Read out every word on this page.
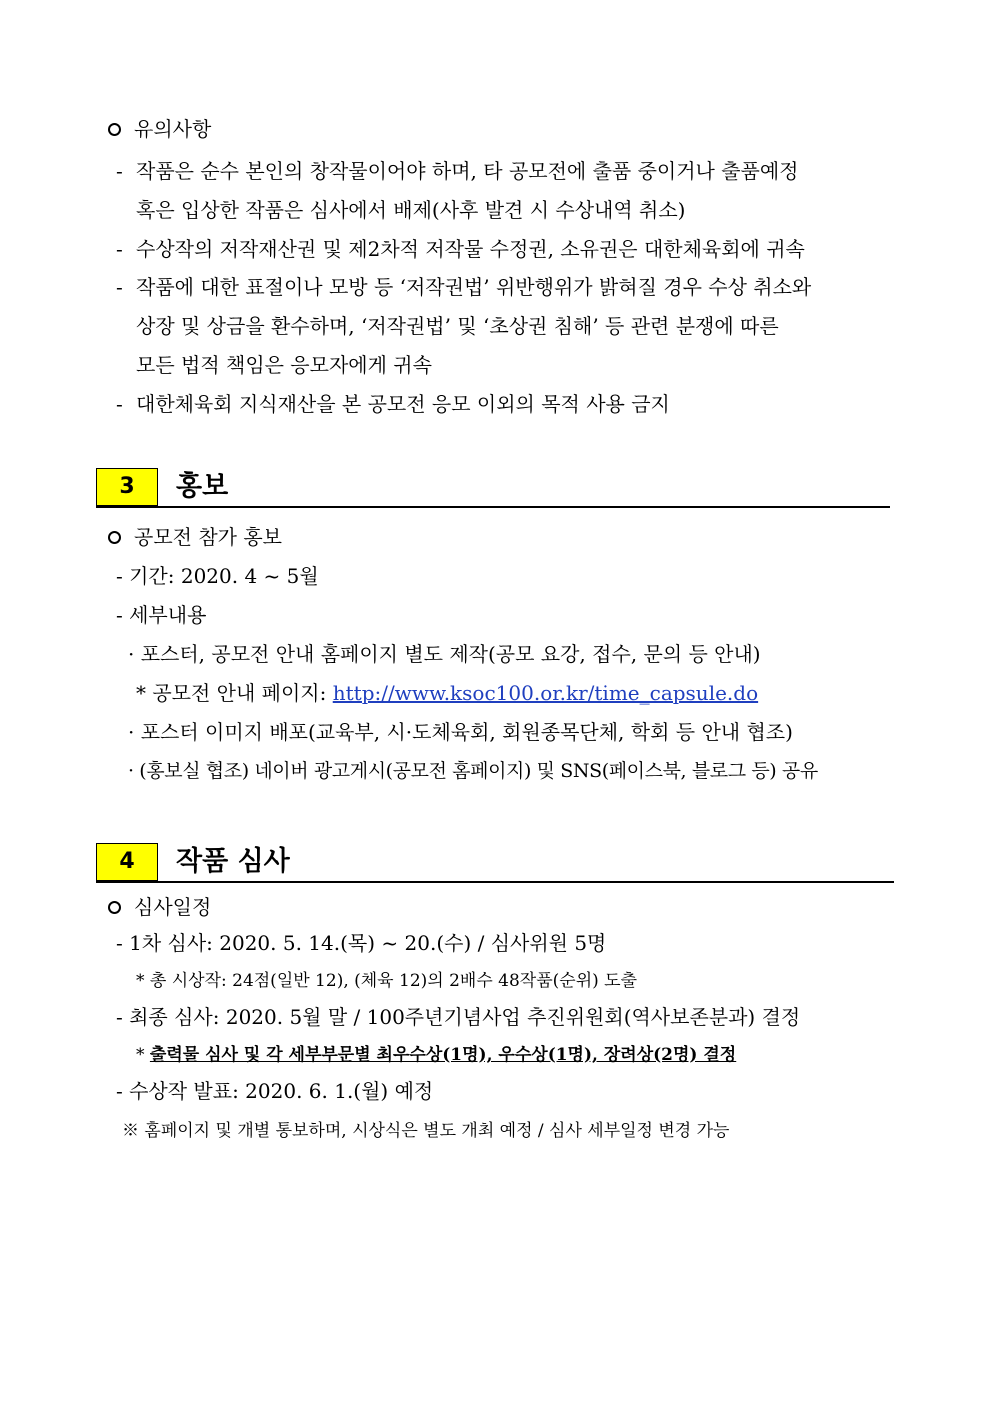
유의사항
- 작품은 순수 본인의 창작물이어야 하며, 타 공모전에 출품 중이거나 출품예정
혹은 입상한 작품은 심사에서 배제(사후 발견 시 수상내역 취소)
- 수상작의 저작재산권 및 제2차적 저작물 수정권, 소유권은 대한체육회에 귀속
- 작품에 대한 표절이나 모방 등 ‘저작권법’ 위반행위가 밝혀질 경우 수상 취소와
상장 및 상금을 환수하며, ‘저작권법’ 및 ‘초상권 침해’ 등 관련 분쟁에 따른
모든 법적 책임은 응모자에게 귀속
- 대한체육회 지식재산을 본 공모전 응모 이외의 목적 사용 금지
3	홍보
공모전 참가 홍보
- 기간: 2020. 4 ~ 5월
- 세부내용
· 포스터, 공모전 안내 홈페이지 별도 제작(공모 요강, 접수, 문의 등 안내)
* 공모전 안내 페이지: http://www.ksoc100.or.kr/time_capsule.do
· 포스터 이미지 배포(교육부, 시·도체육회, 회원종목단체, 학회 등 안내 협조)
· (홍보실 협조) 네이버 광고게시(공모전 홈페이지) 및 SNS(페이스북, 블로그 등) 공유
4	작품 심사
심사일정
- 1차 심사: 2020. 5. 14.(목) ~ 20.(수) / 심사위원 5명
* 총 시상작: 24점(일반 12), (체육 12)의 2배수 48작품(순위) 도출
- 최종 심사: 2020. 5월 말 / 100주년기념사업 추진위원회(역사보존분과) 결정
* 출력물 심사 및 각 세부부문별 최우수상(1명), 우수상(1명), 장려상(2명) 결정
- 수상작 발표: 2020. 6. 1.(월) 예정
※ 홈페이지 및 개별 통보하며, 시상식은 별도 개최 예정 / 심사 세부일정 변경 가능
